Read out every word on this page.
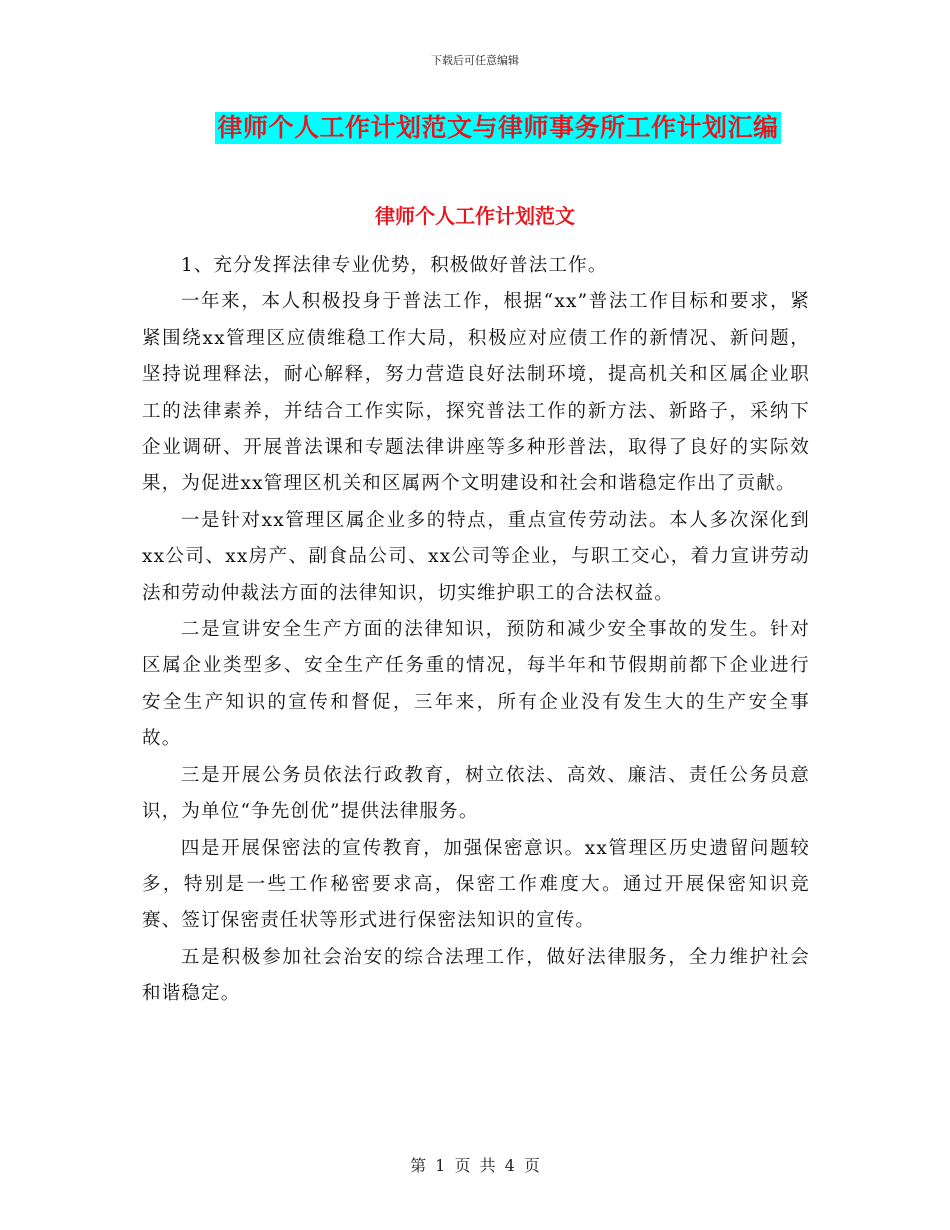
下载后可任意编辑
律师个人工作计划范文与律师事务所工作计划汇编
律师个人工作计划范文

1、充分发挥法律专业优势，积极做好普法工作。

一年来，本人积极投身于普法工作，根据“xx”普法工作目标和要求，紧紧围绕xx管理区应债维稳工作大局，积极应对应债工作的新情况、新问题，坚持说理释法，耐心解释，努力营造良好法制环境，提高机关和区属企业职工的法律素养，并结合工作实际，探究普法工作的新方法、新路子，采纳下企业调研、开展普法课和专题法律讲座等多种形普法，取得了良好的实际效果，为促进xx管理区机关和区属两个文明建设和社会和谐稳定作出了贡献。

一是针对xx管理区属企业多的特点，重点宣传劳动法。本人多次深化到xx公司、xx房产、副食品公司、xx公司等企业，与职工交心，着力宣讲劳动法和劳动仲裁法方面的法律知识，切实维护职工的合法权益。

二是宣讲安全生产方面的法律知识，预防和减少安全事故的发生。针对区属企业类型多、安全生产任务重的情况，每半年和节假期前都下企业进行安全生产知识的宣传和督促，三年来，所有企业没有发生大的生产安全事故。

三是开展公务员依法行政教育，树立依法、高效、廉洁、责任公务员意识，为单位“争先创优”提供法律服务。

四是开展保密法的宣传教育，加强保密意识。xx管理区历史遗留问题较多，特别是一些工作秘密要求高，保密工作难度大。通过开展保密知识竞赛、签订保密责任状等形式进行保密法知识的宣传。

五是积极参加社会治安的综合法理工作，做好法律服务，全力维护社会和谐稳定。

第 1 页 共 4 页
